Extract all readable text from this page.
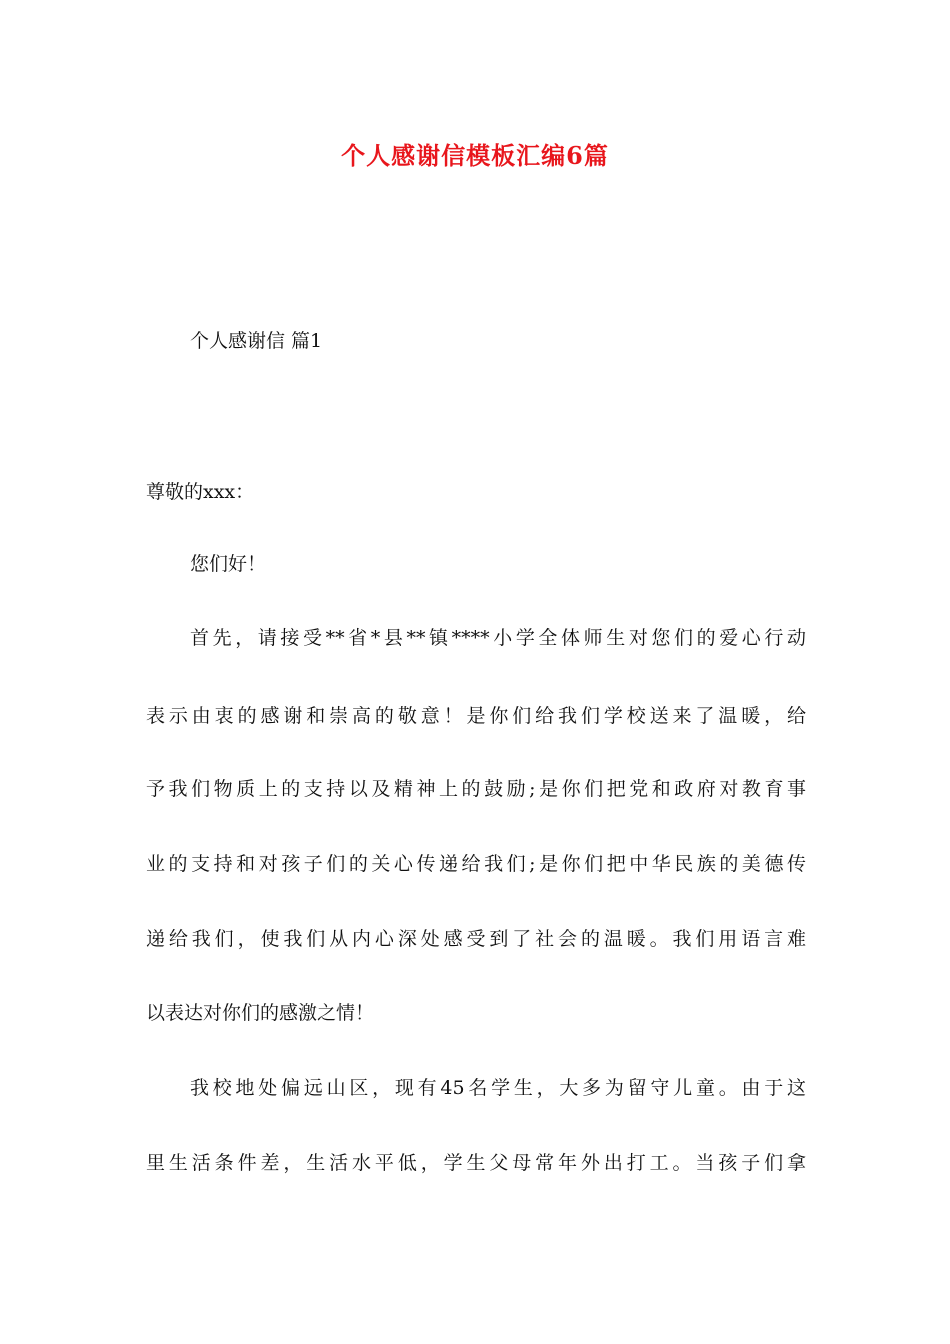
个人感谢信模板汇编6篇
个人感谢信 篇1
尊敬的xxx：
您们好！
首先，请接受**省*县**镇****小学全体师生对您们的爱心行动
表示由衷的感谢和崇高的敬意！是你们给我们学校送来了温暖，给
予我们物质上的支持以及精神上的鼓励;是你们把党和政府对教育事
业的支持和对孩子们的关心传递给我们;是你们把中华民族的美德传
递给我们，使我们从内心深处感受到了社会的温暖。我们用语言难
以表达对你们的感激之情！
我校地处偏远山区，现有45名学生，大多为留守儿童。由于这
里生活条件差，生活水平低，学生父母常年外出打工。当孩子们拿
